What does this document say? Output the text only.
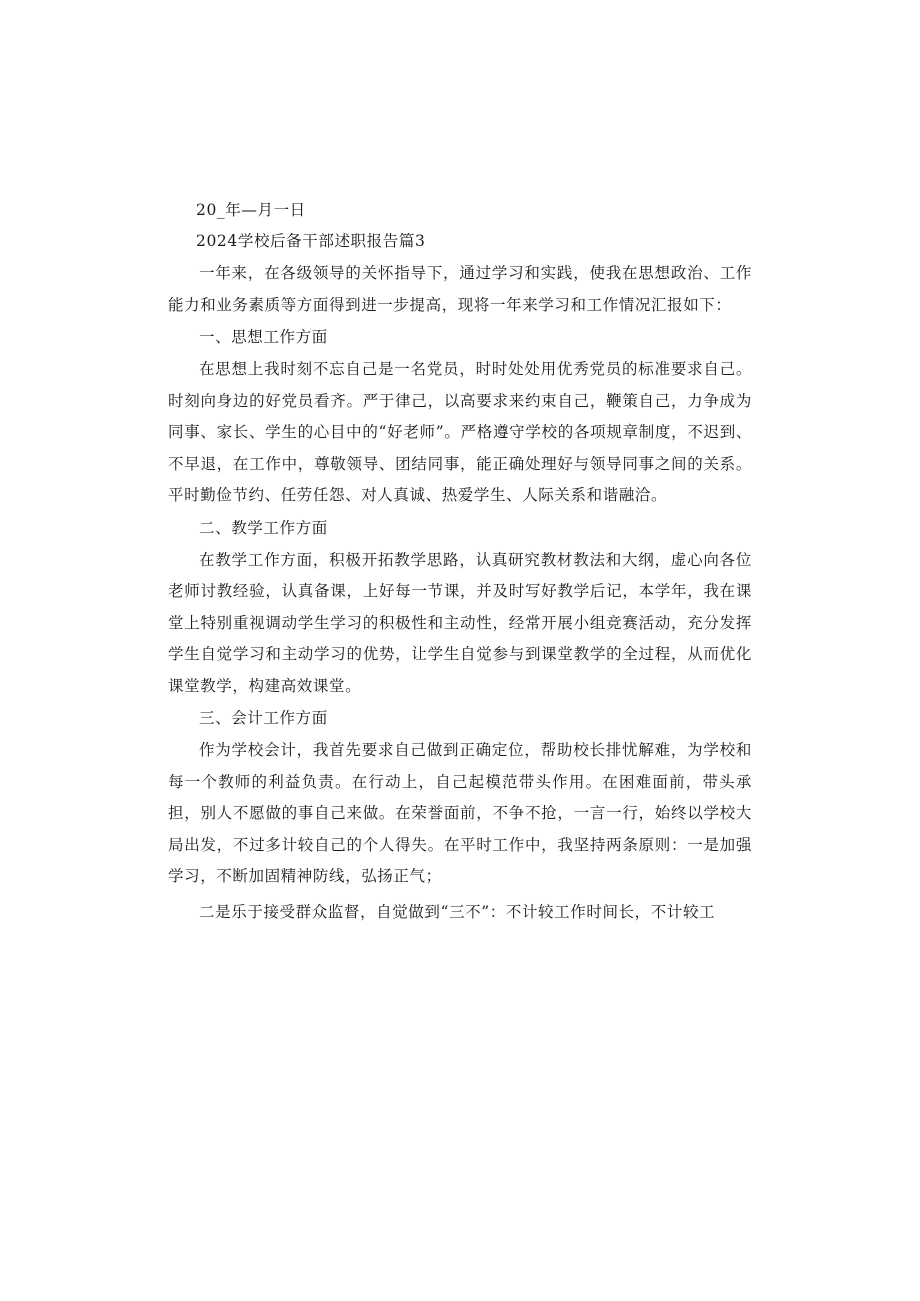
20_年—月一日

2024学校后备干部述职报告篇3

一年来，在各级领导的关怀指导下，通过学习和实践，使我在思想政治、工作能力和业务素质等方面得到进一步提高，现将一年来学习和工作情况汇报如下：

一、思想工作方面

在思想上我时刻不忘自己是一名党员，时时处处用优秀党员的标准要求自己。时刻向身边的好党员看齐。严于律己，以高要求来约束自己，鞭策自己，力争成为同事、家长、学生的心目中的“好老师”。严格遵守学校的各项规章制度，不迟到、不早退，在工作中，尊敬领导、团结同事，能正确处理好与领导同事之间的关系。平时勤俭节约、任劳任怨、对人真诚、热爱学生、人际关系和谐融洽。

二、教学工作方面

在教学工作方面，积极开拓教学思路，认真研究教材教法和大纲，虚心向各位老师讨教经验，认真备课，上好每一节课，并及时写好教学后记，本学年，我在课堂上特别重视调动学生学习的积极性和主动性，经常开展小组竞赛活动，充分发挥学生自觉学习和主动学习的优势，让学生自觉参与到课堂教学的全过程，从而优化课堂教学，构建高效课堂。

三、会计工作方面

作为学校会计，我首先要求自己做到正确定位，帮助校长排忧解难，为学校和每一个教师的利益负责。在行动上，自己起模范带头作用。在困难面前，带头承担，别人不愿做的事自己来做。在荣誉面前，不争不抢，一言一行，始终以学校大局出发，不过多计较自己的个人得失。在平时工作中，我坚持两条原则：一是加强学习，不断加固精神防线，弘扬正气；

二是乐于接受群众监督，自觉做到“三不”：不计较工作时间长，不计较工
